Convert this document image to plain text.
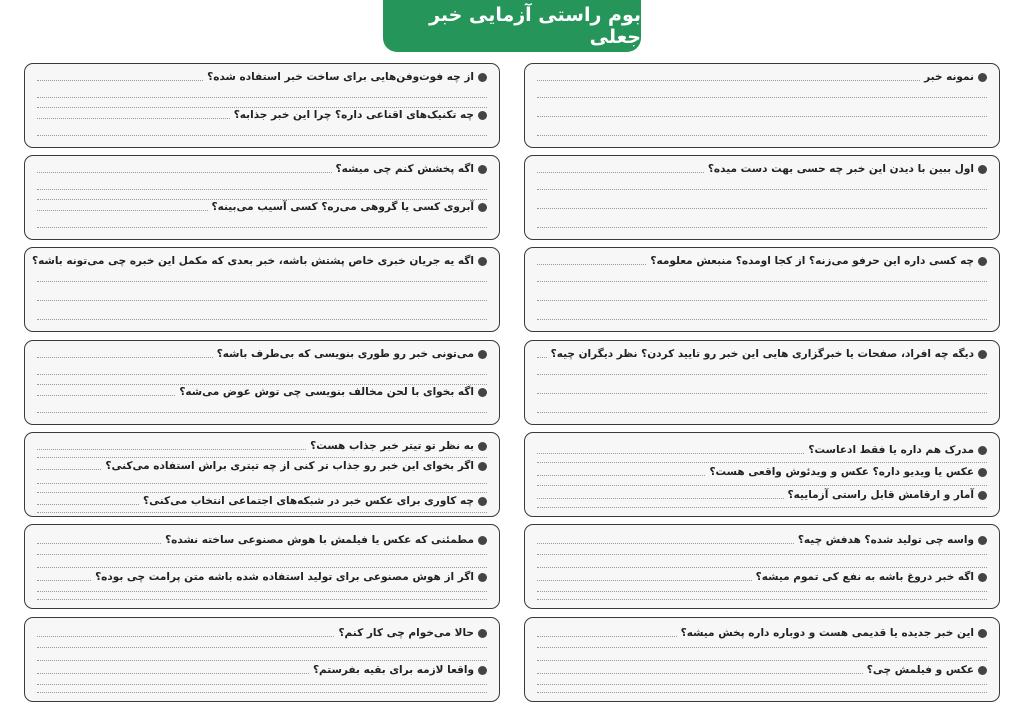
بوم راستی آزمایی خبر جعلی
نمونه خبر
اول ببین با دیدن این خبر چه حسی بهت دست میده؟
چه کسی داره این حرفو می‌زنه؟ از کجا اومده؟ منبعش معلومه؟
دیگه چه افراد، صفحات یا خبرگزاری هایی این خبر رو تایید کردن؟ نظر دیگران چیه؟
مدرک هم داره یا فقط ادعاست؟
عکس یا ویدیو داره؟ عکس و ویدئوش واقعی هست؟
آمار و ارقامش قابل راستی آزماییه؟
واسه چی تولید شده؟ هدفش چیه؟
اگه خبر دروغ باشه به نفع کی تموم میشه؟
این خبر جدیده یا قدیمی هست و دوباره داره پخش میشه؟
عکس و فیلمش چی؟
از چه فوت‌وفن‌هایی برای ساخت خبر استفاده شده؟
چه تکنیک‌های اقناعی داره؟ چرا این خبر جذابه؟
اگه پخشش کنم چی میشه؟
آبروی کسی یا گروهی می‌ره؟ کسی آسیب می‌بینه؟
اگه یه جریان خبری خاص پشتش باشه، خبر بعدی که مکمل این خبره چی می‌تونه باشه؟
می‌تونی خبر رو طوری بنویسی که بی‌طرف باشه؟
اگه بخوای با لحن مخالف بنویسی چی توش عوض می‌شه؟
به نظر تو تیتر خبر جذاب هست؟
اگر بخوای این خبر رو جذاب تر کنی از چه تیتری براش استفاده می‌کنی؟
چه کاوری برای عکس خبر در شبکه‌های اجتماعی انتخاب می‌کنی؟
مطمئنی که عکس یا فیلمش با هوش مصنوعی ساخته نشده؟
اگر از هوش مصنوعی برای تولید استفاده شده باشه متن پرامت چی بوده؟
حالا می‌خوام چی کار کنم؟
واقعا لازمه برای بقیه بفرستم؟
